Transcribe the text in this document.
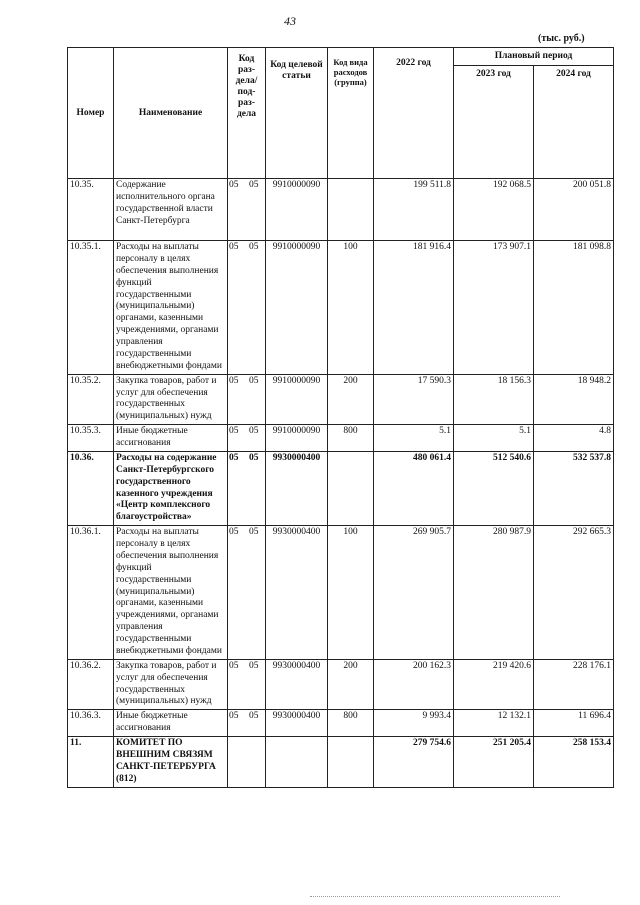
43
(тыс. руб.)
Номер	Наименование	Код раз-дела/ под-раз-дела	Код целевой статьи	Код вида расходов (группа)	2022 год	Плановый период	
						2023 год	2024 год
10.35.	Содержание исполнительного органа государственной власти Санкт-Петербурга	05 05	9910000090		199 511.8	192 068.5	200 051.8
10.35.1.	Расходы на выплаты персоналу в целях обеспечения выполнения функций государственными (муниципальными) органами, казенными учреждениями, органами управления государственными внебюджетными фондами	05 05	9910000090	100	181 916.4	173 907.1	181 098.8
10.35.2.	Закупка товаров, работ и услуг для обеспечения государственных (муниципальных) нужд	05 05	9910000090	200	17 590.3	18 156.3	18 948.2
10.35.3.	Иные бюджетные ассигнования	05 05	9910000090	800	5.1	5.1	4.8
10.36.	Расходы на содержание Санкт-Петербургского государственного казенного учреждения «Центр комплексного благоустройства»	05 05	9930000400		480 061.4	512 540.6	532 537.8
10.36.1.	Расходы на выплаты персоналу в целях обеспечения выполнения функций государственными (муниципальными) органами, казенными учреждениями, органами управления государственными внебюджетными фондами	05 05	9930000400	100	269 905.7	280 987.9	292 665.3
10.36.2.	Закупка товаров, работ и услуг для обеспечения государственных (муниципальных) нужд	05 05	9930000400	200	200 162.3	219 420.6	228 176.1
10.36.3.	Иные бюджетные ассигнования	05 05	9930000400	800	9 993.4	12 132.1	11 696.4
11.	КОМИТЕТ ПО ВНЕШНИМ СВЯЗЯМ САНКТ-ПЕТЕРБУРГА (812)				279 754.6	251 205.4	258 153.4
